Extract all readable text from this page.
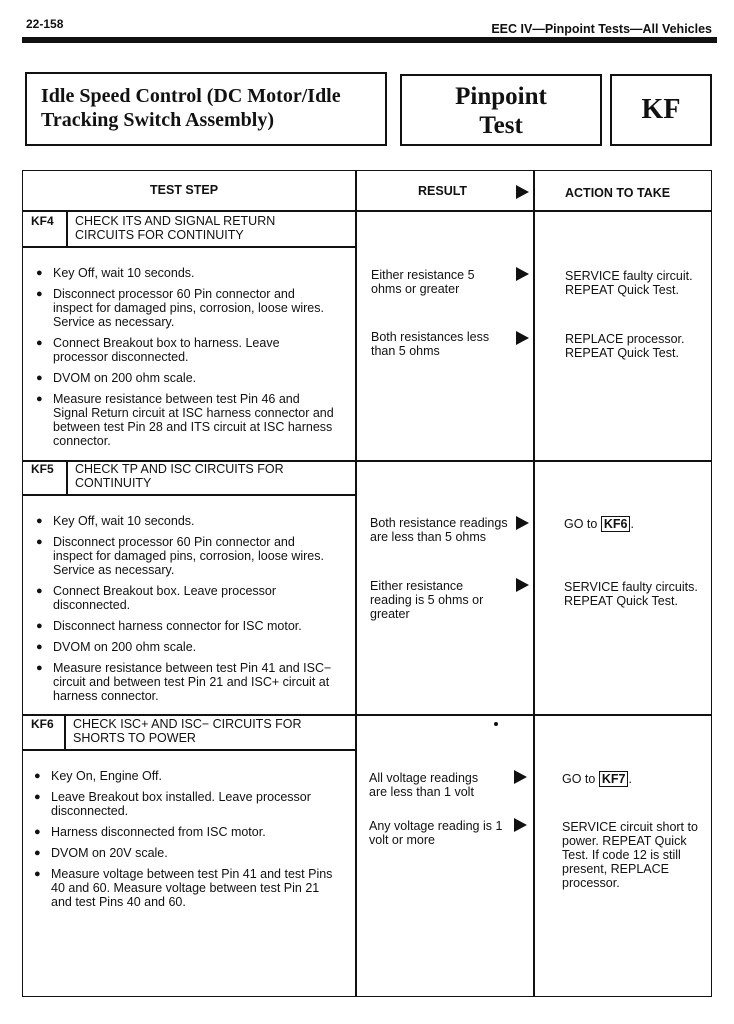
22-158	EEC IV—Pinpoint Tests—All Vehicles
Idle Speed Control (DC Motor/Idle
Tracking Switch Assembly)
Pinpoint
Test
KF
TEST STEP	RESULT	ACTION TO TAKE
KF4 CHECK ITS AND SIGNAL RETURN
CIRCUITS FOR CONTINUITY
● Key Off, wait 10 seconds.
● Disconnect processor 60 Pin connector and inspect for damaged pins, corrosion, loose wires. Service as necessary.
● Connect Breakout box to harness. Leave processor disconnected.
● DVOM on 200 ohm scale.
● Measure resistance between test Pin 46 and Signal Return circuit at ISC harness connector and between test Pin 28 and ITS circuit at ISC harness connector.
Either resistance 5 ohms or greater
SERVICE faulty circuit. REPEAT Quick Test.
Both resistances less than 5 ohms
REPLACE processor. REPEAT Quick Test.
KF5 CHECK TP AND ISC CIRCUITS FOR
CONTINUITY
● Key Off, wait 10 seconds.
● Disconnect processor 60 Pin connector and inspect for damaged pins, corrosion, loose wires. Service as necessary.
● Connect Breakout box. Leave processor disconnected.
● Disconnect harness connector for ISC motor.
● DVOM on 200 ohm scale.
● Measure resistance between test Pin 41 and ISC− circuit and between test Pin 21 and ISC+ circuit at harness connector.
Both resistance readings are less than 5 ohms
GO to KF6 .
Either resistance reading is 5 ohms or greater
SERVICE faulty circuits. REPEAT Quick Test.
KF6 CHECK ISC+ AND ISC− CIRCUITS FOR
SHORTS TO POWER
● Key On, Engine Off.
● Leave Breakout box installed. Leave processor disconnected.
● Harness disconnected from ISC motor.
● DVOM on 20V scale.
● Measure voltage between test Pin 41 and test Pins 40 and 60. Measure voltage between test Pin 21 and test Pins 40 and 60.
All voltage readings are less than 1 volt
GO to KF7 .
Any voltage reading is 1 volt or more
SERVICE circuit short to power. REPEAT Quick Test. If code 12 is still present, REPLACE processor.
